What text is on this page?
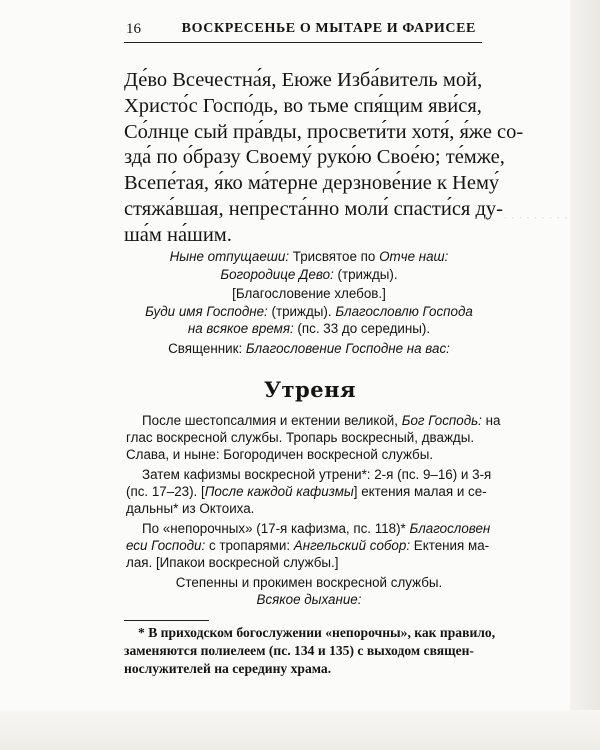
· · · · · · · · ·
16	ВОСКРЕСЕНЬЕ О МЫТАРЕ И ФАРИСЕЕ
Де́во Всечестна́я, Еюже Изба́витель мой,
Христо́с Госпо́дь, во тьме спя́щим яви́ся,
Со́лнце сый пра́вды, просвети́ти хотя́, я́же со-
зда́ по о́бразу Своему́ руко́ю Свое́ю; те́мже,
Всепе́тая, я́ко ма́терне дерзнове́ние к Нему́
стяжа́вшая, непреста́нно моли́ спасти́ся ду-
ша́м на́шим.
Ныне отпущаеши: Трисвятое по Отче наш:
Богородице Дево: (трижды).
[Благословение хлебов.]
Буди имя Господне: (трижды). Благословлю Господа
на всякое время: (пс. 33 до середины).
Священник: Благословение Господне на вас:
Утреня
После шестопсалмия и ектении великой, Бог Господь: на
глас воскресной службы. Тропарь воскресный, дважды.
Слава, и ныне: Богородичен воскресной службы.
Затем кафизмы воскресной утрени*: 2-я (пс. 9–16) и 3-я
(пс. 17–23). [После каждой кафизмы] ектения малая и се-
дальны* из Октоиха.
По «непорочных» (17-я кафизма, пс. 118)* Благословен
еси Господи: с тропарями: Ангельский собор: Ектения ма-
лая. [Ипакои воскресной службы.]
Степенны и прокимен воскресной службы.
Всякое дыхание:
* В приходском богослужении «непорочны», как правило,
заменяются полиелеем (пс. 134 и 135) с выходом священ-
нослужителей на середину храма.
